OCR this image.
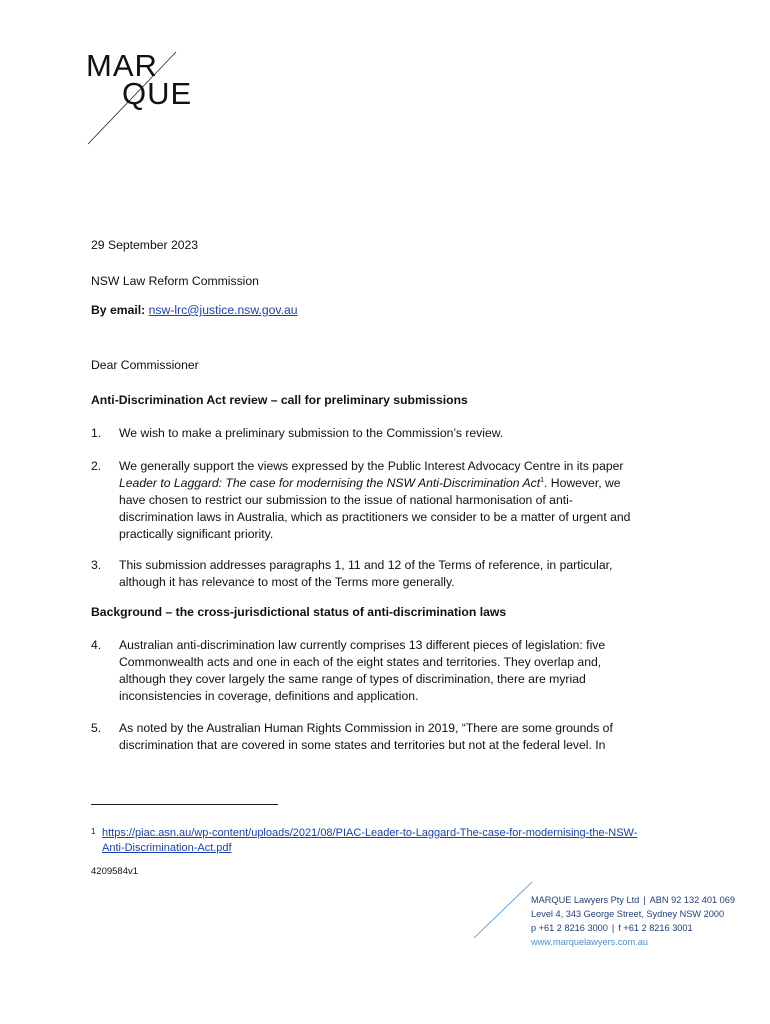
MAR
QUE
29 September 2023
NSW Law Reform Commission
By email: nsw-lrc@justice.nsw.gov.au
Dear Commissioner
Anti-Discrimination Act review – call for preliminary submissions
1.	We wish to make a preliminary submission to the Commission’s review.
2.	We generally support the views expressed by the Public Interest Advocacy Centre in its paper
Leader to Laggard: The case for modernising the NSW Anti-Discrimination Act$^1$. However, we
have chosen to restrict our submission to the issue of national harmonisation of anti-
discrimination laws in Australia, which as practitioners we consider to be a matter of urgent and
practically significant priority.
3.	This submission addresses paragraphs 1, 11 and 12 of the Terms of reference, in particular,
although it has relevance to most of the Terms more generally.
Background – the cross-jurisdictional status of anti-discrimination laws
4.	Australian anti-discrimination law currently comprises 13 different pieces of legislation: five
Commonwealth acts and one in each of the eight states and territories. They overlap and,
although they cover largely the same range of types of discrimination, there are myriad
inconsistencies in coverage, definitions and application.
5.	As noted by the Australian Human Rights Commission in 2019, “There are some grounds of
discrimination that are covered in some states and territories but not at the federal level. In
1 https://piac.asn.au/wp-content/uploads/2021/08/PIAC-Leader-to-Laggard-The-case-for-modernising-the-NSW-
Anti-Discrimination-Act.pdf
4209584v1
MARQUE Lawyers Pty Ltd | ABN 92 132 401 069
Level 4, 343 George Street, Sydney NSW 2000
p +61 2 8216 3000 | f +61 2 8216 3001
www.marquelawyers.com.au
